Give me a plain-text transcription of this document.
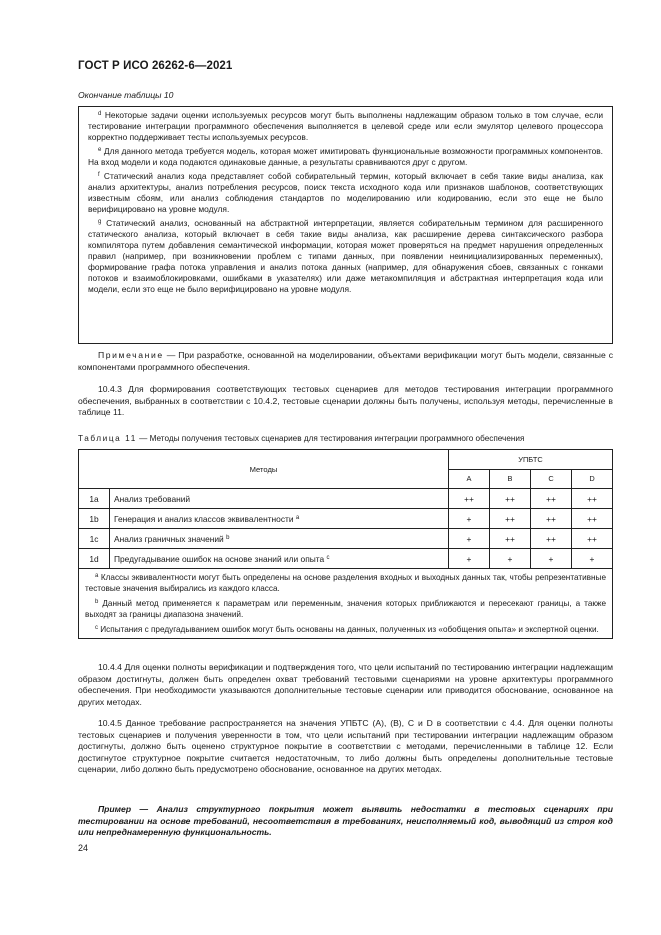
ГОСТ Р ИСО 26262-6—2021
Окончание таблицы 10

$^d$ Некоторые задачи оценки используемых ресурсов могут быть выполнены надлежащим образом только в том случае, если тестирование интеграции программного обеспечения выполняется в целевой среде или если эмулятор целевого процессора корректно поддерживает тесты используемых ресурсов.

$^e$ Для данного метода требуется модель, которая может имитировать функциональные возможности программных компонентов. На вход модели и кода подаются одинаковые данные, а результаты сравниваются друг с другом.

$^f$ Статический анализ кода представляет собой собирательный термин, который включает в себя такие виды анализа, как анализ архитектуры, анализ потребления ресурсов, поиск текста исходного кода или признаков шаблонов, соответствующих известным сбоям, или анализ соблюдения стандартов по моделированию или кодированию, если это еще не было верифицировано на уровне модуля.

$^g$ Статический анализ, основанный на абстрактной интерпретации, является собирательным термином для расширенного статического анализа, который включает в себя такие виды анализа, как расширение дерева синтаксического разбора компилятора путем добавления семантической информации, которая может проверяться на предмет нарушения определенных правил (например, при возникновении проблем с типами данных, при появлении неинициализированных переменных), формирование графа потока управления и анализ потока данных (например, для обнаружения сбоев, связанных с гонками потоков и взаимоблокировками, ошибками в указателях) или даже метакомпиляция и абстрактная интерпретация кода или модели, если это еще не было верифицировано на уровне модуля.

Примечание — При разработке, основанной на моделировании, объектами верификации могут быть модели, связанные с компонентами программного обеспечения.

10.4.3 Для формирования соответствующих тестовых сценариев для методов тестирования интеграции программного обеспечения, выбранных в соответствии с 10.4.2, тестовые сценарии должны быть получены, используя методы, перечисленные в таблице 11.

Таблица 11 — Методы получения тестовых сценариев для тестирования интеграции программного обеспечения
Методы		УПБТС			
		A	B	C	D
1a	Анализ требований	++	++	++	++
1b	Генерация и анализ классов эквивалентности $^a$	+	++	++	++
1c	Анализ граничных значений $^b$	+	++	++	++
1d	Предугадывание ошибок на основе знаний или опыта $^c$	+	+	+	+

$^a$ Классы эквивалентности могут быть определены на основе разделения входных и выходных данных так, чтобы репрезентативные тестовые значения выбирались из каждого класса.

$^b$ Данный метод применяется к параметрам или переменным, значения которых приближаются и пересекают границы, а также выходят за границы диапазона значений.

$^c$ Испытания с предугадыванием ошибок могут быть основаны на данных, полученных из «обобщения опыта» и экспертной оценки.					

10.4.4 Для оценки полноты верификации и подтверждения того, что цели испытаний по тестированию интеграции надлежащим образом достигнуты, должен быть определен охват требований тестовыми сценариями на уровне архитектуры программного обеспечения. При необходимости указываются дополнительные тестовые сценарии или приводится обоснование, основанное на других методах.

10.4.5 Данное требование распространяется на значения УПБТС (A), (B), C и D в соответствии с 4.4. Для оценки полноты тестовых сценариев и получения уверенности в том, что цели испытаний при тестировании интеграции надлежащим образом достигнуты, должно быть оценено структурное покрытие в соответствии с методами, перечисленными в таблице 12. Если достигнутое структурное покрытие считается недостаточным, то либо должны быть определены дополнительные тестовые сценарии, либо должно быть предусмотрено обоснование, основанное на других методах.

Пример — Анализ структурного покрытия может выявить недостатки в тестовых сценариях при тестировании на основе требований, несоответствия в требованиях, неисполняемый код, выводящий из строя код или непреднамеренную функциональность.

24
